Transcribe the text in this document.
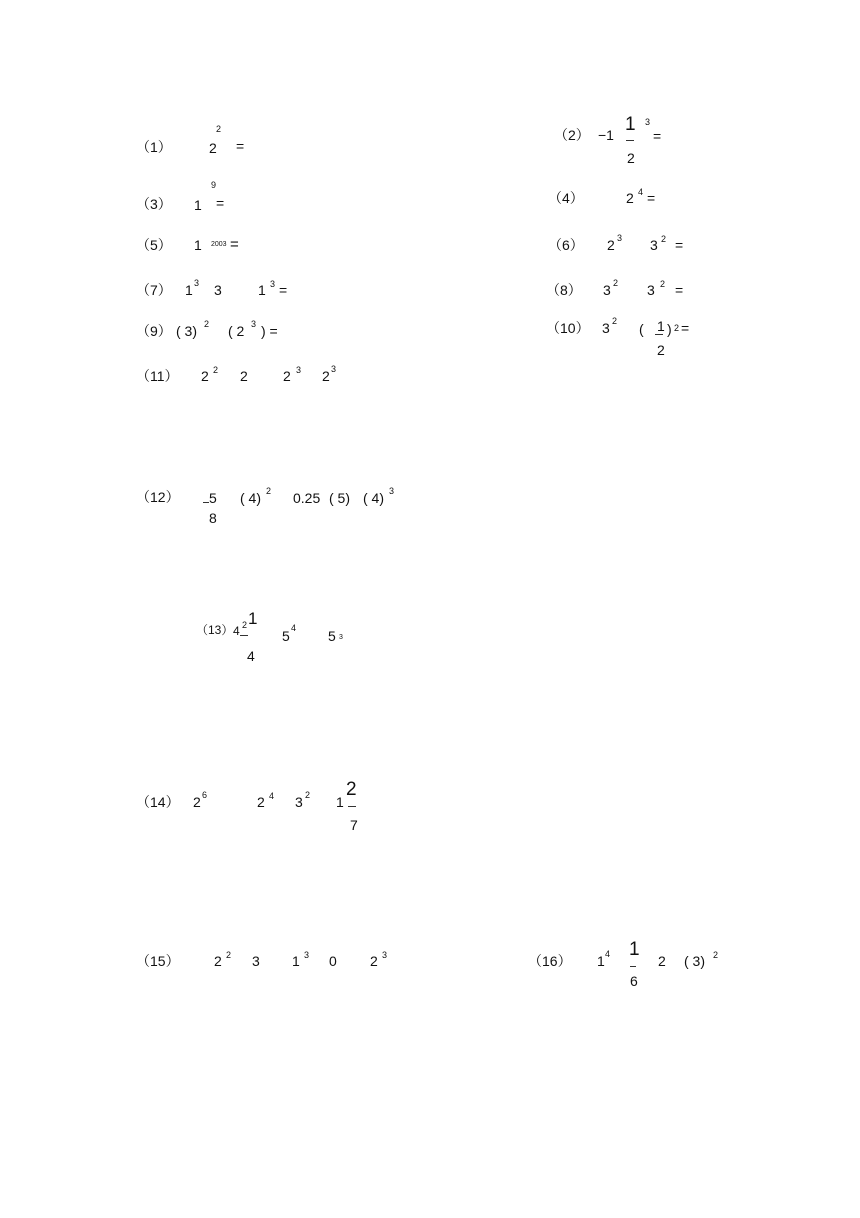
（1）	2
2
=
（2） −1 1 3
=
2
（3） 1
9
=	（4）	2 4 =
（5） 1 2003 =	（6） 2 3 3 2 =
（7） 1 3 3	1 3 =	（8） 3 2 3 2 =
（9） ( 3) 2 ( 2 3 ) =	（10） 3 2 ( 1 ) 2 =
2
（11） 2 2 2	2 3 2 3
（12） 5
8
( 4) 2 0.25 ( 5) ( 4) 3
（13） 4 2 1
4
5 4 5 3
（14） 2 6	2 4 3 2 1
2
7
（15） 2 2 3 1 3 0 2 3	（16） 1 4 1
6
2 ( 3) 2
